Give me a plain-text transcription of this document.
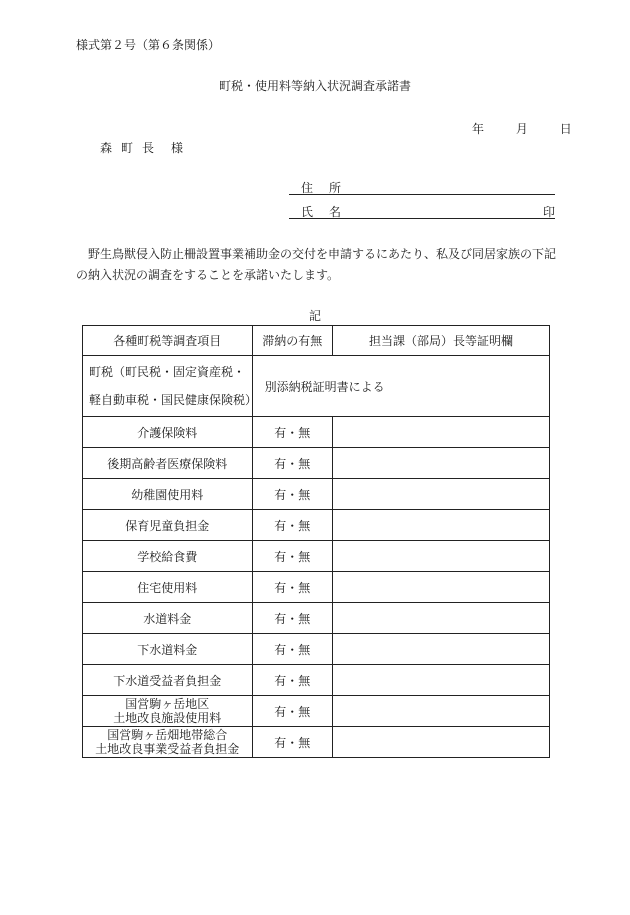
様式第２号（第６条関係）
町税・使用料等納入状況調査承諾書
年	月	日
森町長 様
住所
氏名	印
野生鳥獣侵入防止柵設置事業補助金の交付を申請するにあたり、私及び同居家族の下記の納入状況の調査をすることを承諾いたします。
記
各種町税等調査項目	滞納の有無	担当課（部局）長等証明欄

町税（町民税・固定資産税・
軽自動車税・国民健康保険税）	別添納税証明書による	
介護保険料	有・無	
後期高齢者医療保険料	有・無	
幼稚園使用料	有・無	
保育児童負担金	有・無	
学校給食費	有・無	
住宅使用料	有・無	
水道料金	有・無	
下水道料金	有・無	
下水道受益者負担金	有・無	

国営駒ヶ岳地区
土地改良施設使用料	有・無	

国営駒ヶ岳畑地帯総合
土地改良事業受益者負担金	有・無	
